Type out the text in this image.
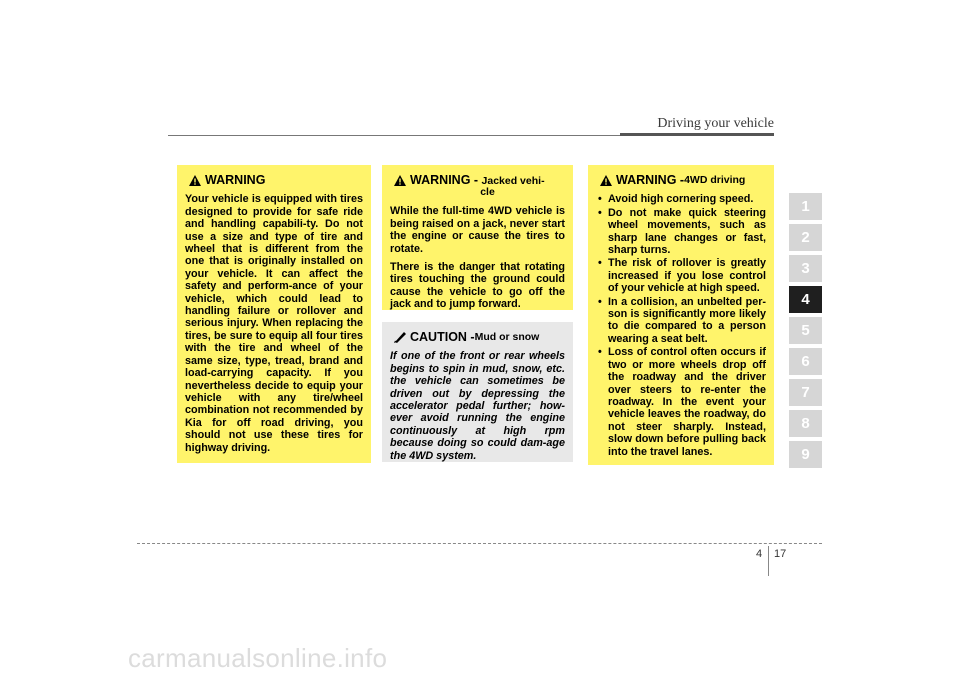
Driving your vehicle
WARNING
Your vehicle is equipped with tires designed to provide for safe ride and handling capabili-ty. Do not use a size and type of tire and wheel that is different from the one that is originally installed on your vehicle. It can affect the safety and perform-ance of your vehicle, which could lead to handling failure or rollover and serious injury. When replacing the tires, be sure to equip all four tires with the tire and wheel of the same size, type, tread, brand and load-carrying capacity. If you nevertheless decide to equip your vehicle with any tire/wheel combination not recommended by Kia for off road driving, you should not use these tires for highway driving.
WARNING - Jacked vehi-
cle

While the full-time 4WD vehicle is being raised on a jack, never start the engine or cause the tires to rotate.

There is the danger that rotating tires touching the ground could cause the vehicle to go off the jack and to jump forward.

CAUTION - Mud or snow
If one of the front or rear wheels begins to spin in mud, snow, etc. the vehicle can sometimes be driven out by depressing the accelerator pedal further; how-ever avoid running the engine continuously at high rpm because doing so could dam-age the 4WD system.
WARNING - 4WD driving
• Avoid high cornering speed.
• Do not make quick steering wheel movements, such as sharp lane changes or fast, sharp turns.
• The risk of rollover is greatly increased if you lose control of your vehicle at high speed.
• In a collision, an unbelted per-son is significantly more likely to die compared to a person wearing a seat belt.
• Loss of control often occurs if two or more wheels drop off the roadway and the driver over steers to re-enter the roadway. In the event your vehicle leaves the roadway, do not steer sharply. Instead, slow down before pulling back into the travel lanes.
1
2
3
4
5
6
7
8
9
4 17
carmanualsonline.info
